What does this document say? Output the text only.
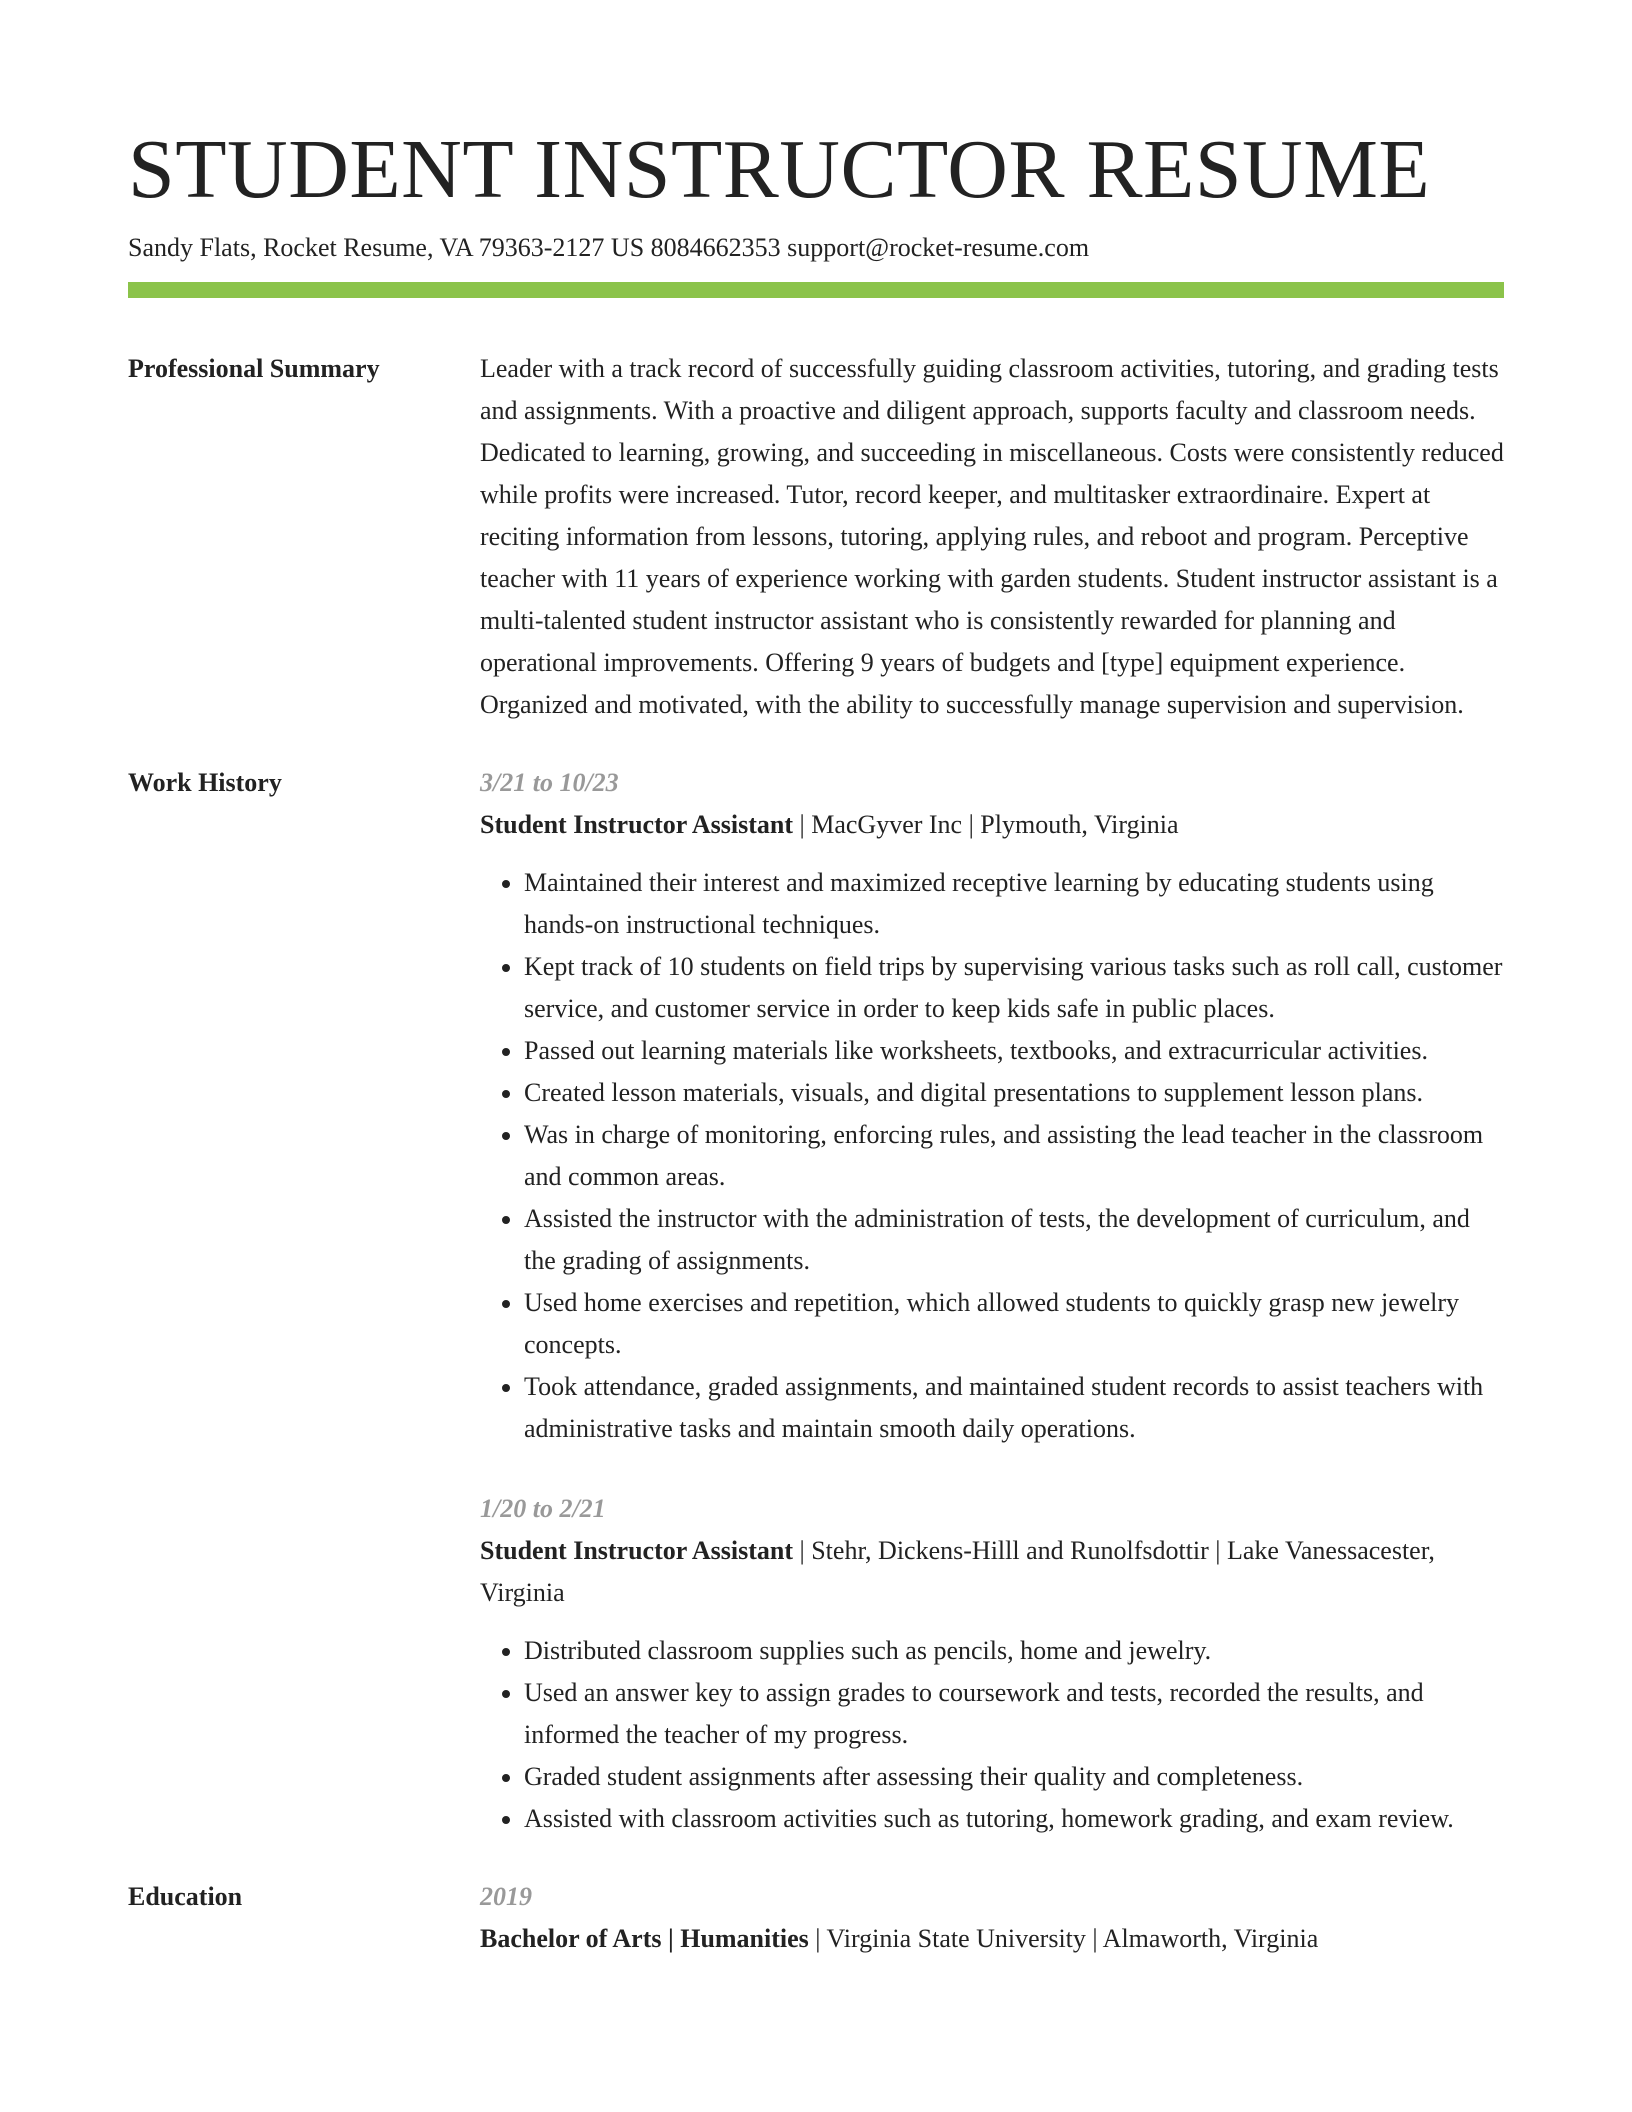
STUDENT INSTRUCTOR RESUME
Sandy Flats, Rocket Resume, VA 79363-2127 US 8084662353 support@rocket-resume.com
Professional Summary	Leader with a track record of successfully guiding classroom activities, tutoring, and grading tests and assignments. With a proactive and diligent approach, supports faculty and classroom needs. Dedicated to learning, growing, and succeeding in miscellaneous. Costs were consistently reduced while profits were increased. Tutor, record keeper, and multitasker extraordinaire. Expert at reciting information from lessons, tutoring, applying rules, and reboot and program. Perceptive teacher with 11 years of experience working with garden students. Student instructor assistant is a multi-talented student instructor assistant who is consistently rewarded for planning and operational improvements. Offering 9 years of budgets and [type] equipment experience. Organized and motivated, with the ability to successfully manage supervision and supervision.

Work History	3/21 to 10/23
Student Instructor Assistant | MacGyver Inc | Plymouth, Virginia
• Maintained their interest and maximized receptive learning by educating students using hands-on instructional techniques.
• Kept track of 10 students on field trips by supervising various tasks such as roll call, customer service, and customer service in order to keep kids safe in public places.
• Passed out learning materials like worksheets, textbooks, and extracurricular activities.
• Created lesson materials, visuals, and digital presentations to supplement lesson plans.
• Was in charge of monitoring, enforcing rules, and assisting the lead teacher in the classroom and common areas.
• Assisted the instructor with the administration of tests, the development of curriculum, and the grading of assignments.
• Used home exercises and repetition, which allowed students to quickly grasp new jewelry concepts.
• Took attendance, graded assignments, and maintained student records to assist teachers with administrative tasks and maintain smooth daily operations.
1/20 to 2/21
Student Instructor Assistant | Stehr, Dickens-Hilll and Runolfsdottir | Lake Vanessacester, Virginia
• Distributed classroom supplies such as pencils, home and jewelry.
• Used an answer key to assign grades to coursework and tests, recorded the results, and informed the teacher of my progress.
• Graded student assignments after assessing their quality and completeness.
• Assisted with classroom activities such as tutoring, homework grading, and exam review.
Education	2019
Bachelor of Arts | Humanities | Virginia State University | Almaworth, Virginia
